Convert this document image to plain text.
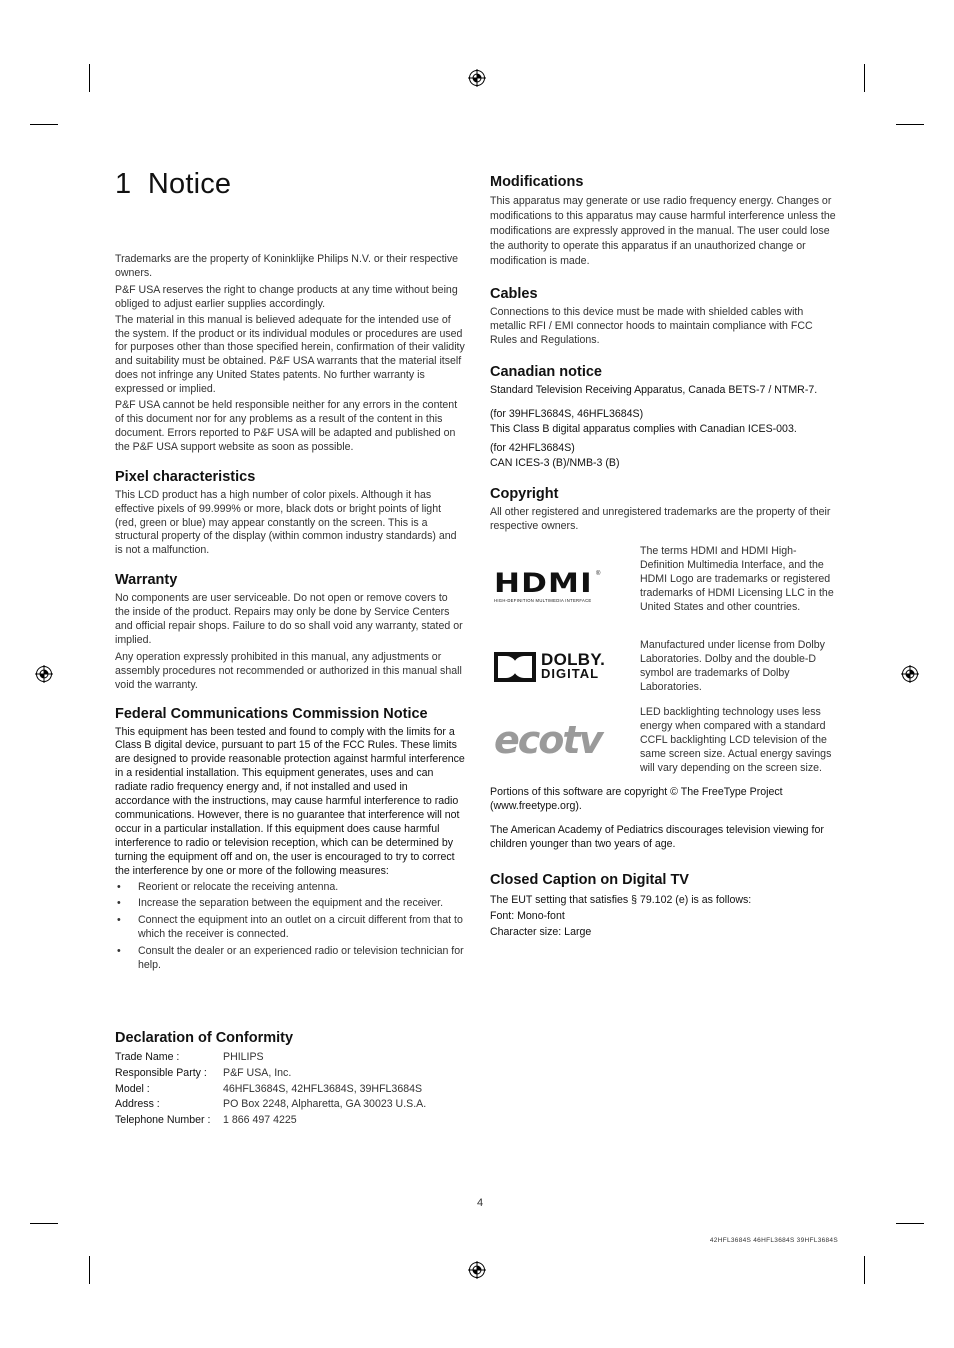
1 Notice

Trademarks are the property of Koninklijke Philips N.V. or their respective owners.

P&F USA reserves the right to change products at any time without being obliged to adjust earlier supplies accordingly.

The material in this manual is believed adequate for the intended use of the system. If the product or its individual modules or procedures are used for purposes other than those specified herein, confirmation of their validity and suitability must be obtained. P&F USA warrants that the material itself does not infringe any United States patents. No further warranty is expressed or implied.

P&F USA cannot be held responsible neither for any errors in the content of this document nor for any problems as a result of the content in this document. Errors reported to P&F USA will be adapted and published on the P&F USA support website as soon as possible.

Pixel characteristics

This LCD product has a high number of color pixels. Although it has effective pixels of 99.999% or more, black dots or bright points of light (red, green or blue) may appear constantly on the screen. This is a structural property of the display (within common industry standards) and is not a malfunction.

Warranty

No components are user serviceable. Do not open or remove covers to the inside of the product. Repairs may only be done by Service Centers and official repair shops. Failure to do so shall void any warranty, stated or implied.

Any operation expressly prohibited in this manual, any adjustments or assembly procedures not recommended or authorized in this manual shall void the warranty.

Federal Communications Commission Notice

This equipment has been tested and found to comply with the limits for a Class B digital device, pursuant to part 15 of the FCC Rules. These limits are designed to provide reasonable protection against harmful interference in a residential installation. This equipment generates, uses and can radiate radio frequency energy and, if not installed and used in accordance with the instructions, may cause harmful interference to radio communications. However, there is no guarantee that interference will not occur in a particular installation. If this equipment does cause harmful interference to radio or television reception, which can be determined by turning the equipment off and on, the user is encouraged to try to correct the interference by one or more of the following measures:

• Reorient or relocate the receiving antenna.
• Increase the separation between the equipment and the receiver.
• Connect the equipment into an outlet on a circuit different from that to which the receiver is connected.
• Consult the dealer or an experienced radio or television technician for help.
Declaration of Conformity
Trade Name :	PHILIPS
Responsible Party :	P&F USA, Inc.
Model :	46HFL3684S, 42HFL3684S, 39HFL3684S
Address :	PO Box 2248, Alpharetta, GA 30023 U.S.A.
Telephone Number :	1 866 497 4225
Modifications

This apparatus may generate or use radio frequency energy. Changes or modifications to this apparatus may cause harmful interference unless the modifications are expressly approved in the manual. The user could lose the authority to operate this apparatus if an unauthorized change or modification is made.

Cables

Connections to this device must be made with shielded cables with metallic RFI / EMI connector hoods to maintain compliance with FCC Rules and Regulations.

Canadian notice

Standard Television Receiving Apparatus, Canada BETS-7 / NTMR-7.

(for 39HFL3684S, 46HFL3684S)

This Class B digital apparatus complies with Canadian ICES-003.

(for 42HFL3684S)

CAN ICES-3 (B)/NMB-3 (B)

Copyright

All other registered and unregistered trademarks are the property of their respective owners.

HDMI ®
HIGH-DEFINITION MULTIMEDIA INTERFACE

The terms HDMI and HDMI High-Definition Multimedia Interface, and the HDMI Logo are trademarks or registered trademarks of HDMI Licensing LLC in the United States and other countries.

DOLBY.
DIGITAL

Manufactured under license from Dolby Laboratories. Dolby and the double-D symbol are trademarks of Dolby Laboratories.

ecotv

LED backlighting technology uses less energy when compared with a standard CCFL backlighting LCD television of the same screen size. Actual energy savings will vary depending on the screen size.

Portions of this software are copyright © The FreeType Project (www.freetype.org).

The American Academy of Pediatrics discourages television viewing for children younger than two years of age.

Closed Caption on Digital TV

The EUT setting that satisfies § 79.102 (e) is as follows:

Font: Mono-font

Character size: Large

4
42HFL3684S 46HFL3684S 39HFL3684S
